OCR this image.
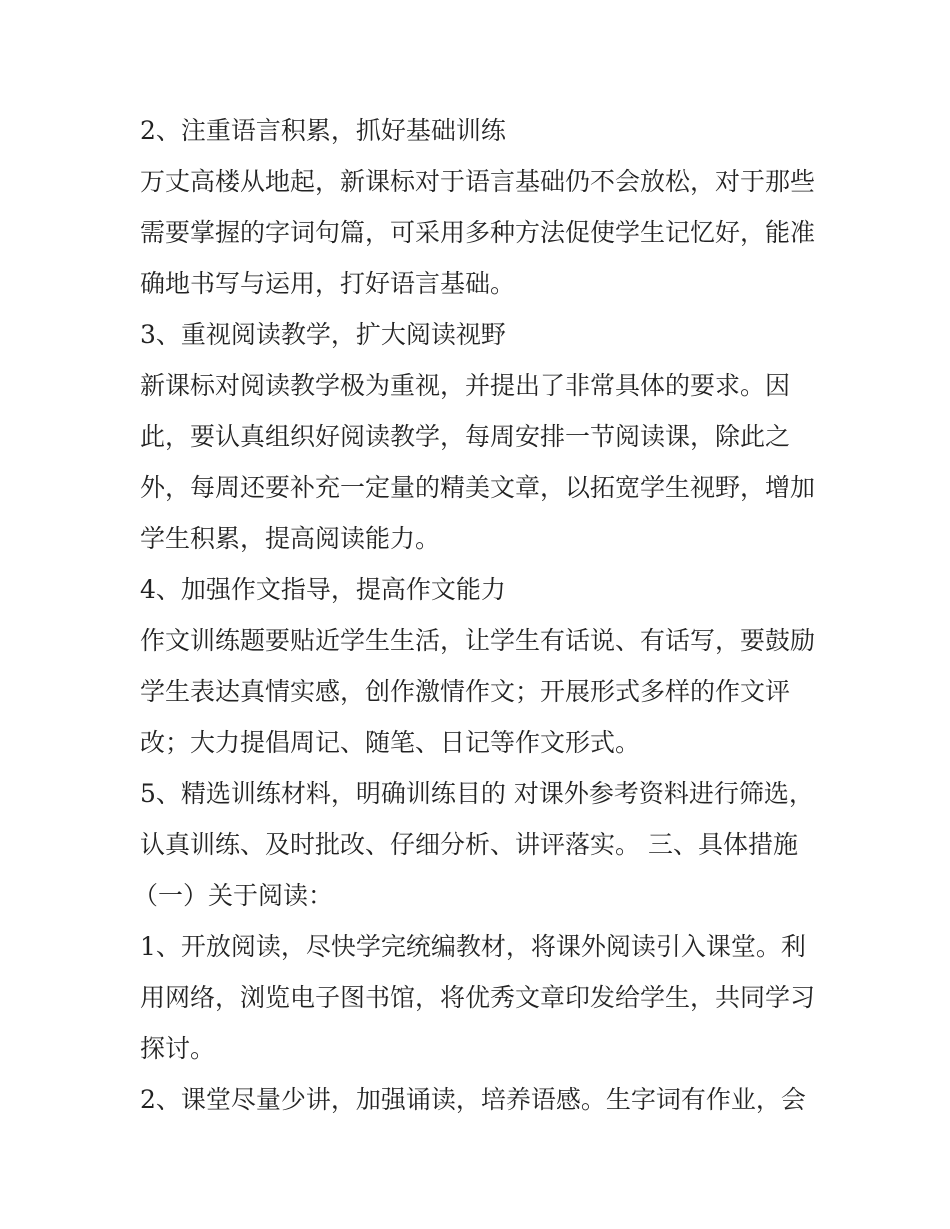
2、注重语言积累，抓好基础训练
万丈高楼从地起，新课标对于语言基础仍不会放松，对于那些
需要掌握的字词句篇，可采用多种方法促使学生记忆好，能准
确地书写与运用，打好语言基础。
3、重视阅读教学，扩大阅读视野
新课标对阅读教学极为重视，并提出了非常具体的要求。因
此，要认真组织好阅读教学，每周安排一节阅读课，除此之
外，每周还要补充一定量的精美文章，以拓宽学生视野，增加
学生积累，提高阅读能力。
4、加强作文指导，提高作文能力
作文训练题要贴近学生生活，让学生有话说、有话写，要鼓励
学生表达真情实感，创作激情作文；开展形式多样的作文评
改；大力提倡周记、随笔、日记等作文形式。
5、精选训练材料，明确训练目的 对课外参考资料进行筛选，
认真训练、及时批改、仔细分析、讲评落实。 三、具体措施
（一）关于阅读：
1、开放阅读，尽快学完统编教材，将课外阅读引入课堂。利
用网络，浏览电子图书馆，将优秀文章印发给学生，共同学习
探讨。
2、课堂尽量少讲，加强诵读，培养语感。生字词有作业，会
